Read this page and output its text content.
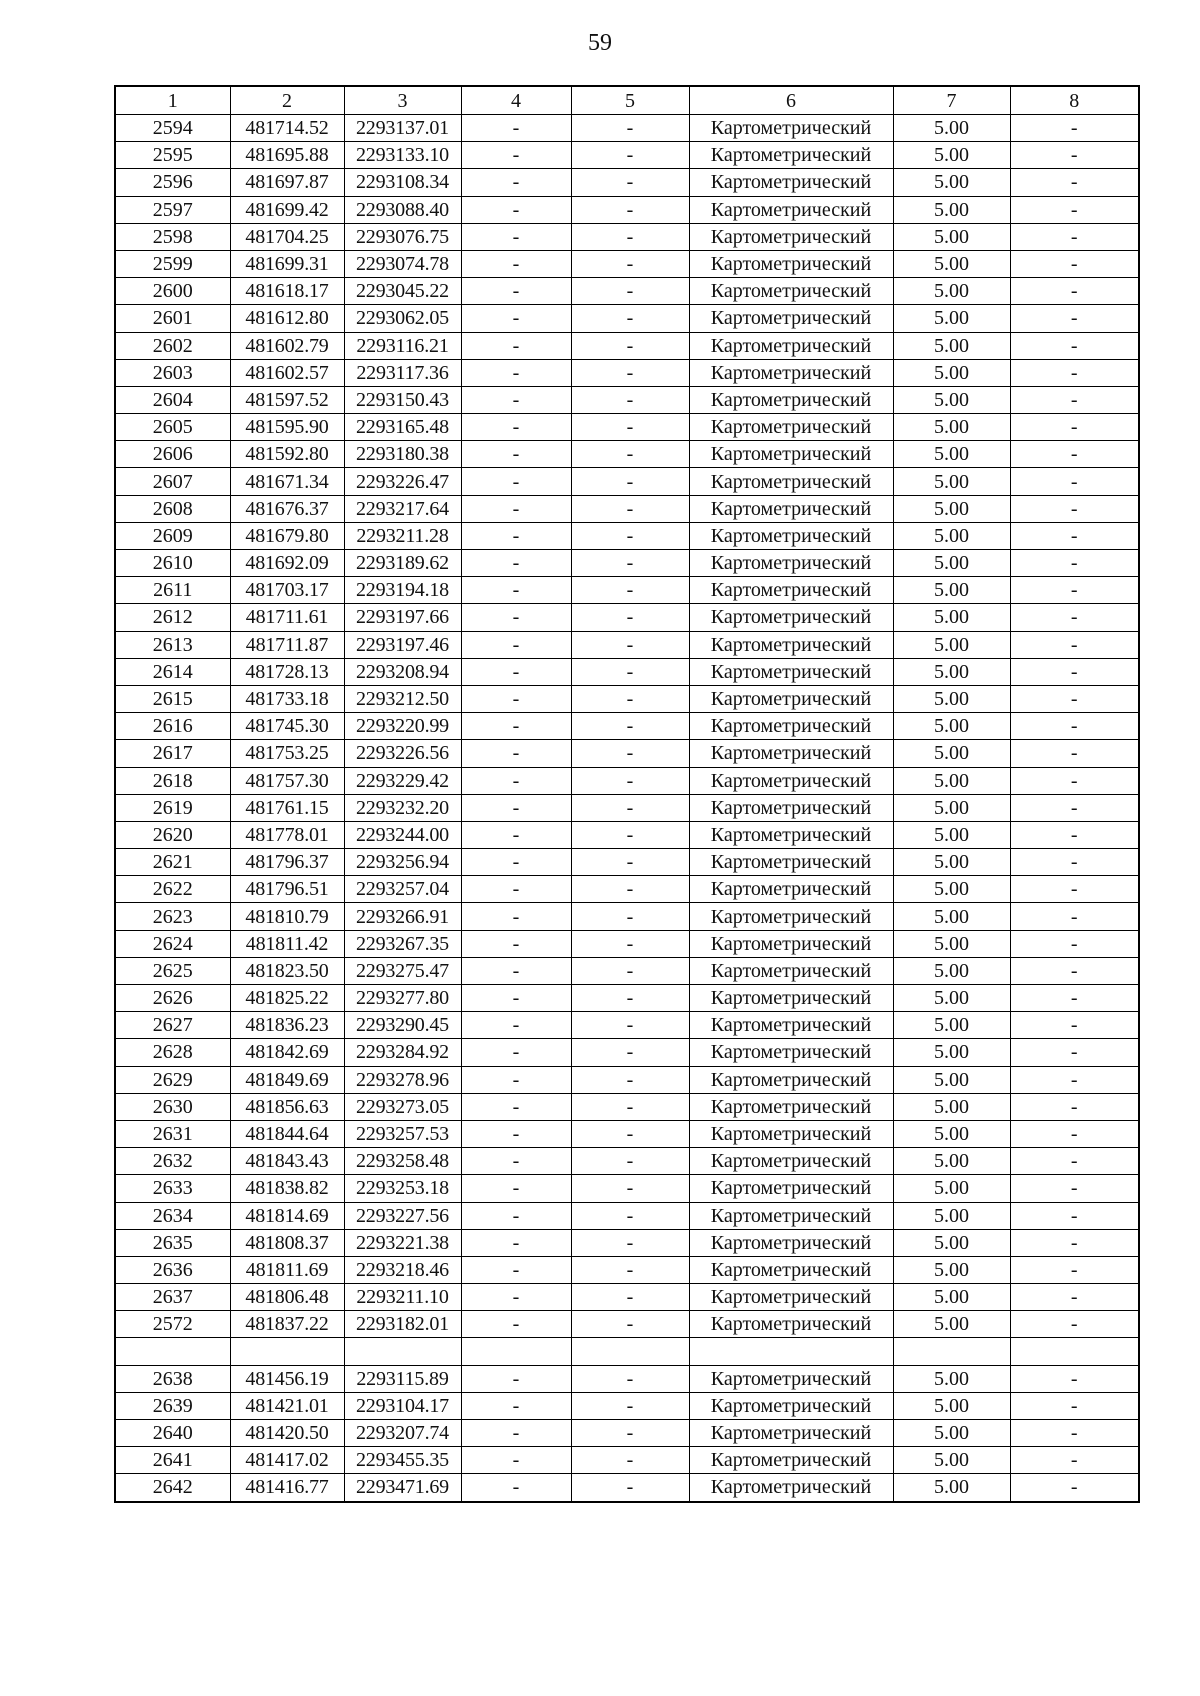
59
1	2	3	4	5	6	7	8
2594	481714.52	2293137.01	-	-	Картометрический	5.00	-
2595	481695.88	2293133.10	-	-	Картометрический	5.00	-
2596	481697.87	2293108.34	-	-	Картометрический	5.00	-
2597	481699.42	2293088.40	-	-	Картометрический	5.00	-
2598	481704.25	2293076.75	-	-	Картометрический	5.00	-
2599	481699.31	2293074.78	-	-	Картометрический	5.00	-
2600	481618.17	2293045.22	-	-	Картометрический	5.00	-
2601	481612.80	2293062.05	-	-	Картометрический	5.00	-
2602	481602.79	2293116.21	-	-	Картометрический	5.00	-
2603	481602.57	2293117.36	-	-	Картометрический	5.00	-
2604	481597.52	2293150.43	-	-	Картометрический	5.00	-
2605	481595.90	2293165.48	-	-	Картометрический	5.00	-
2606	481592.80	2293180.38	-	-	Картометрический	5.00	-
2607	481671.34	2293226.47	-	-	Картометрический	5.00	-
2608	481676.37	2293217.64	-	-	Картометрический	5.00	-
2609	481679.80	2293211.28	-	-	Картометрический	5.00	-
2610	481692.09	2293189.62	-	-	Картометрический	5.00	-
2611	481703.17	2293194.18	-	-	Картометрический	5.00	-
2612	481711.61	2293197.66	-	-	Картометрический	5.00	-
2613	481711.87	2293197.46	-	-	Картометрический	5.00	-
2614	481728.13	2293208.94	-	-	Картометрический	5.00	-
2615	481733.18	2293212.50	-	-	Картометрический	5.00	-
2616	481745.30	2293220.99	-	-	Картометрический	5.00	-
2617	481753.25	2293226.56	-	-	Картометрический	5.00	-
2618	481757.30	2293229.42	-	-	Картометрический	5.00	-
2619	481761.15	2293232.20	-	-	Картометрический	5.00	-
2620	481778.01	2293244.00	-	-	Картометрический	5.00	-
2621	481796.37	2293256.94	-	-	Картометрический	5.00	-
2622	481796.51	2293257.04	-	-	Картометрический	5.00	-
2623	481810.79	2293266.91	-	-	Картометрический	5.00	-
2624	481811.42	2293267.35	-	-	Картометрический	5.00	-
2625	481823.50	2293275.47	-	-	Картометрический	5.00	-
2626	481825.22	2293277.80	-	-	Картометрический	5.00	-
2627	481836.23	2293290.45	-	-	Картометрический	5.00	-
2628	481842.69	2293284.92	-	-	Картометрический	5.00	-
2629	481849.69	2293278.96	-	-	Картометрический	5.00	-
2630	481856.63	2293273.05	-	-	Картометрический	5.00	-
2631	481844.64	2293257.53	-	-	Картометрический	5.00	-
2632	481843.43	2293258.48	-	-	Картометрический	5.00	-
2633	481838.82	2293253.18	-	-	Картометрический	5.00	-
2634	481814.69	2293227.56	-	-	Картометрический	5.00	-
2635	481808.37	2293221.38	-	-	Картометрический	5.00	-
2636	481811.69	2293218.46	-	-	Картометрический	5.00	-
2637	481806.48	2293211.10	-	-	Картометрический	5.00	-
2572	481837.22	2293182.01	-	-	Картометрический	5.00	-

2638	481456.19	2293115.89	-	-	Картометрический	5.00	-
2639	481421.01	2293104.17	-	-	Картометрический	5.00	-
2640	481420.50	2293207.74	-	-	Картометрический	5.00	-
2641	481417.02	2293455.35	-	-	Картометрический	5.00	-
2642	481416.77	2293471.69	-	-	Картометрический	5.00	-
